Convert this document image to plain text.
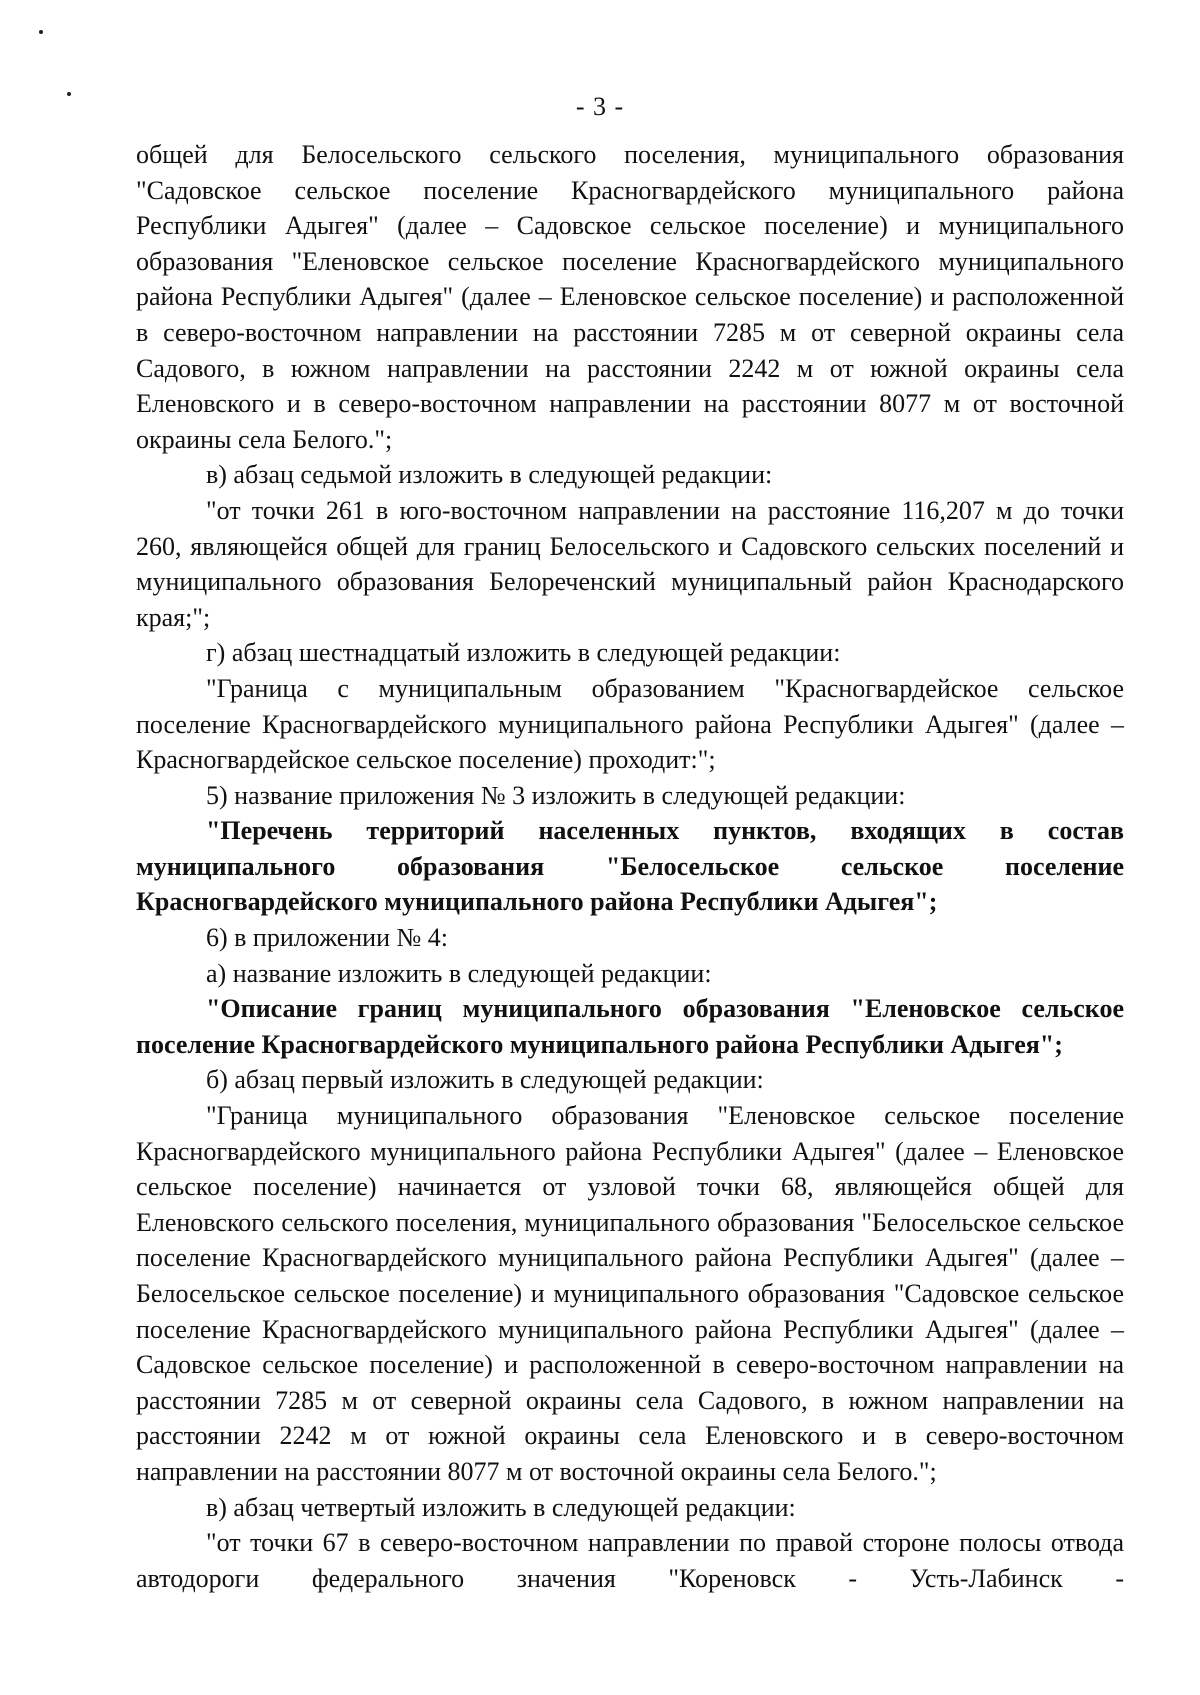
- 3 -

общей для Белосельского сельского поселения, муниципального образования "Садовское сельское поселение Красногвардейского муниципального района Республики Адыгея" (далее – Садовское сельское поселение) и муниципального образования "Еленовское сельское поселение Красногвардейского муниципального района Республики Адыгея" (далее – Еленовское сельское поселение) и расположенной в северо-восточном направлении на расстоянии 7285 м от северной окраины села Садового, в южном направлении на расстоянии 2242 м от южной окраины села Еленовского и в северо-восточном направлении на расстоянии 8077 м от восточной окраины села Белого.";

в) абзац седьмой изложить в следующей редакции:

"от точки 261 в юго-восточном направлении на расстояние 116,207 м до точки 260, являющейся общей для границ Белосельского и Садовского сельских поселений и муниципального образования Белореченский муниципальный район Краснодарского края;";

г) абзац шестнадцатый изложить в следующей редакции:

"Граница с муниципальным образованием "Красногвардейское сельское поселение Красногвардейского муниципального района Республики Адыгея" (далее – Красногвардейское сельское поселение) проходит:";

5) название приложения № 3 изложить в следующей редакции:

"Перечень территорий населенных пунктов, входящих в состав муниципального образования "Белосельское сельское поселение Красногвардейского муниципального района Республики Адыгея";

6) в приложении № 4:

а) название изложить в следующей редакции:

"Описание границ муниципального образования "Еленовское сельское поселение Красногвардейского муниципального района Республики Адыгея";

б) абзац первый изложить в следующей редакции:

"Граница муниципального образования "Еленовское сельское поселение Красногвардейского муниципального района Республики Адыгея" (далее – Еленовское сельское поселение) начинается от узловой точки 68, являющейся общей для Еленовского сельского поселения, муниципального образования "Белосельское сельское поселение Красногвардейского муниципального района Республики Адыгея" (далее – Белосельское сельское поселение) и муниципального образования "Садовское сельское поселение Красногвардейского муниципального района Республики Адыгея" (далее – Садовское сельское поселение) и расположенной в северо-восточном направлении на расстоянии 7285 м от северной окраины села Садового, в южном направлении на расстоянии 2242 м от южной окраины села Еленовского и в северо-восточном направлении на расстоянии 8077 м от восточной окраины села Белого.";

в) абзац четвертый изложить в следующей редакции:

"от точки 67 в северо-восточном направлении по правой стороне полосы отвода автодороги федерального значения "Кореновск - Усть-Лабинск -
